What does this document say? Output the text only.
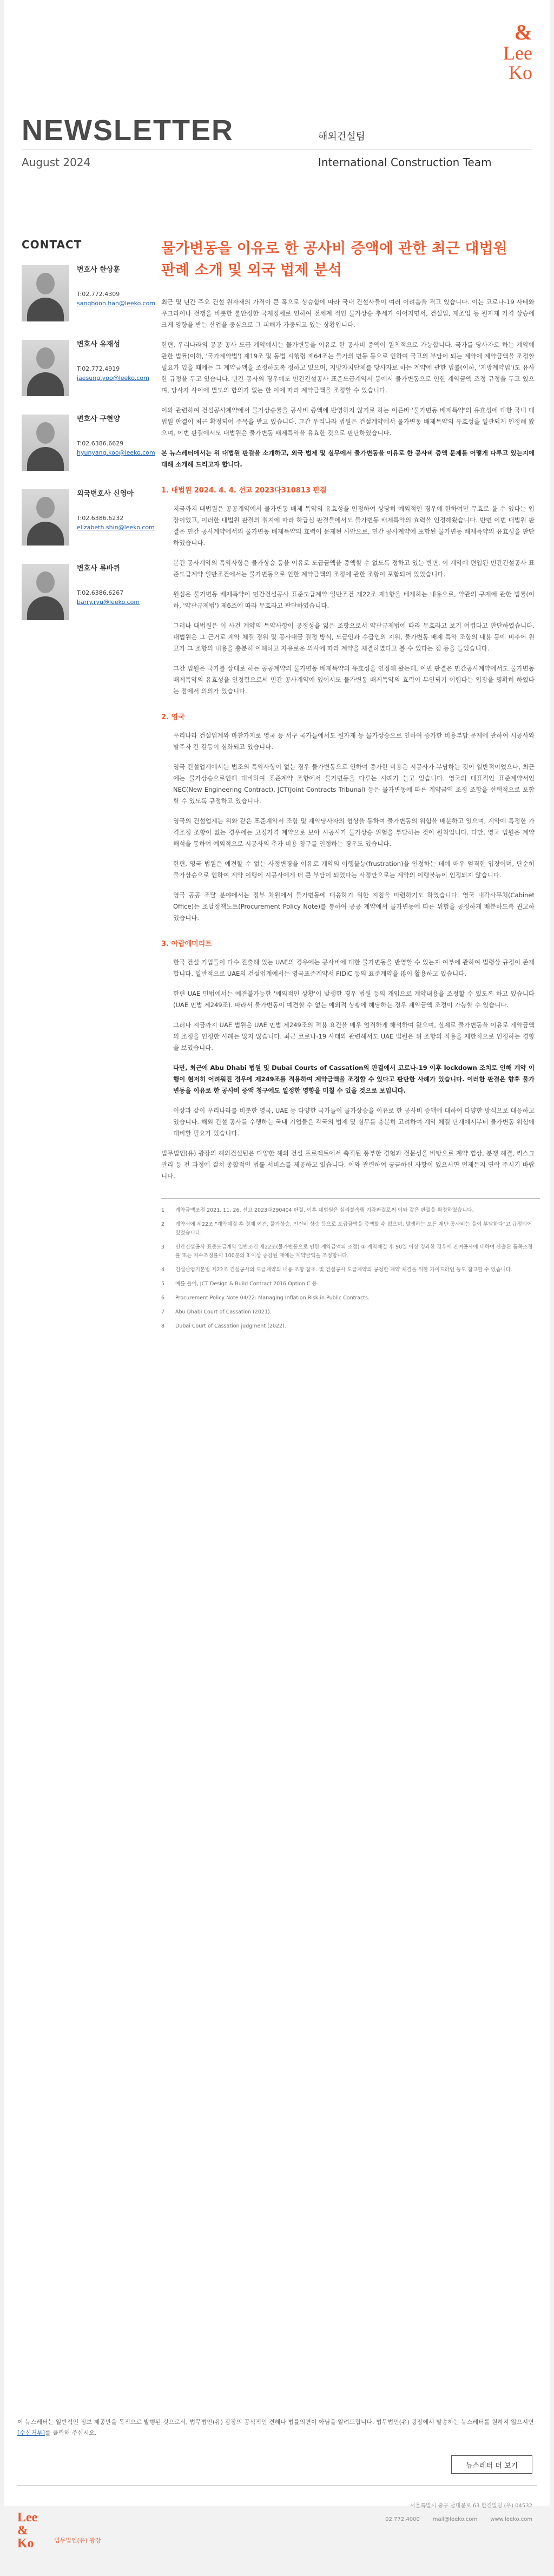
&
Lee
Ko
NEWSLETTER	해외건설팀
August 2024	International Construction Team
CONTACT
변호사 한상훈
T:02.772.4309
sanghoon.han@leeko.com
변호사 유재성
T:02.772.4919
jaesung.yoo@leeko.com
변호사 구현양
T:02.6386.6629
hyunyang.koo@leeko.com
외국변호사 신영아
T:02.6386.6232
elizabeth.shin@leeko.com
변호사 류바퀴
T:02.6386.6267
barry.ryu@leeko.com
물가변동을 이유로 한 공사비 증액에 관한 최근 대법원
판례 소개 및 외국 법제 분석

최근 몇 년간 주요 건설 원자재의 가격이 큰 폭으로 상승함에 따라 국내 건설사들이 여러 어려움을 겪고 있습니다. 이는 코로나-19 사태와 우크라이나 전쟁을 비롯한 불안정한 국제정세로 인하여 전세계 적인 물가상승 추세가 이어지면서, 건설업, 제조업 등 원자재 가격 상승에 크게 영향을 받는 산업을 중심으로 그 피해가 가중되고 있는 상황입니다.

한편, 우리나라의 공공 공사 도급 계약에서는 물가변동을 이유로 한 공사비 증액이 원칙적으로 가능합니다. 국가를 당사자로 하는 계약에 관한 법률(이하, '국가계약법') 제19조 및 동법 시행령 제64조는 물가의 변동 등으로 인하여 국고의 부담이 되는 계약에 계약금액을 조정할 필요가 있을 때에는 그 계약금액을 조정하도록 정하고 있으며, 지방자치단체를 당사자로 하는 계약에 관한 법률(이하, '지방계약법')도 유사한 규정을 두고 있습니다. 민간 공사의 경우에도 민간건설공사 표준도급계약서 등에서 물가변동으로 인한 계약금액 조정 규정을 두고 있으며, 당사자 사이에 별도의 합의가 없는 한 이에 따라 계약금액을 조정할 수 있습니다.

이와 관련하여 건설공사계약에서 물가상승률을 공사비 증액에 반영하지 않기로 하는 이른바 '물가변동 배제특약'의 유효성에 대한 국내 대법원 판결이 최근 확정되어 주목을 받고 있습니다. 그간 우리나라 법원은 건설계약에서 물가변동 배제특약의 유효성을 일관되게 인정해 왔으며, 이번 판결에서도 대법원은 물가변동 배제특약을 유효한 것으로 판단하였습니다.

본 뉴스레터에서는 위 대법원 판결을 소개하고, 외국 법제 및 실무에서 물가변동을 이유로 한 공사비 증액 문제를 어떻게 다루고 있는지에 대해 소개해 드리고자 합니다.

1. 대법원 2024. 4. 4. 선고 2023다310813 판결

지금까지 대법원은 공공계약에서 물가변동 배제 특약의 유효성을 인정하여 상당히 예외적인 경우에 한하여만 무효로 볼 수 있다는 입장이었고, 이러한 대법원 판결의 취지에 따라 하급심 판결들에서도 물가변동 배제특약의 효력을 인정해왔습니다. 반면 이번 대법원 판결은 민간 공사계약에서의 물가변동 배제특약의 효력이 문제된 사안으로, 민간 공사계약에 포함된 물가변동 배제특약의 유효성을 판단하였습니다.

본건 공사계약의 특약사항은 물가상승 등을 이유로 도급금액을 증액할 수 없도록 정하고 있는 반면, 이 계약에 편입된 민간건설공사 표준도급계약 일반조건에서는 물가변동으로 인한 계약금액의 조정에 관한 조항이 포함되어 있었습니다.

원심은 물가변동 배제특약이 민간건설공사 표준도급계약 일반조건 제22조 제1항을 배제하는 내용으로, 약관의 규제에 관한 법률(이하, '약관규제법') 제6조에 따라 무효라고 판단하였습니다.

그러나 대법원은 이 사건 계약의 특약사항이 공정성을 잃은 조항으로서 약관규제법에 따라 무효라고 보기 어렵다고 판단하였습니다. 대법원은 그 근거로 계약 체결 경위 및 공사대금 결정 방식, 도급인과 수급인의 지위, 물가변동 배제 특약 조항의 내용 등에 비추어 원고가 그 조항의 내용을 충분히 이해하고 자유로운 의사에 따라 계약을 체결하였다고 볼 수 있다는 점 등을 들었습니다.

그간 법원은 국가를 상대로 하는 공공계약의 물가변동 배제특약의 유효성을 인정해 왔는데, 이번 판결은 민간공사계약에서도 물가변동 배제특약의 유효성을 인정함으로써 민간 공사계약에 있어서도 물가변동 배제특약의 효력이 부인되기 어렵다는 입장을 명확히 하였다는 점에서 의의가 있습니다.

2. 영국

우리나라 건설업계와 마찬가지로 영국 등 서구 국가들에서도 원자재 등 물가상승으로 인하여 증가한 비용부담 문제에 관하여 시공사와 발주자 간 갈등이 심화되고 있습니다.

영국 건설업계에서는 법조의 특약사항이 없는 경우 물가변동으로 인하여 증가한 비용은 시공사가 부담하는 것이 일반적이었으나, 최근에는 물가상승으로인해 대비하여 표준계약 조항에서 물가변동을 다루는 사례가 늘고 있습니다. 영국의 대표적인 표준계약서인 NEC(New Engineering Contract), JCT(Joint Contracts Tribunal) 등은 물가변동에 따른 계약금액 조정 조항을 선택적으로 포함할 수 있도록 규정하고 있습니다.

영국의 건설업계는 위와 같은 표준계약서 조항 및 계약당사자의 협상을 통하여 물가변동의 위험을 배분하고 있으며, 계약에 특정한 가격조정 조항이 없는 경우에는 고정가격 계약으로 보아 시공사가 물가상승 위험을 부담하는 것이 원칙입니다. 다만, 영국 법원은 계약 해석을 통하여 예외적으로 시공사의 추가 비용 청구를 인정하는 경우도 있습니다.

한편, 영국 법원은 예견할 수 없는 사정변경을 이유로 계약의 이행불능(frustration)을 인정하는 데에 매우 엄격한 입장이며, 단순히 물가상승으로 인하여 계약 이행이 시공사에게 더 큰 부담이 되었다는 사정만으로는 계약의 이행불능이 인정되지 않습니다.

영국 공공 조달 분야에서는 정부 차원에서 물가변동에 대응하기 위한 지침을 마련하기도 하였습니다. 영국 내각사무처(Cabinet Office)는 조달정책노트(Procurement Policy Note)를 통하여 공공 계약에서 물가변동에 따른 위험을 공정하게 배분하도록 권고하였습니다.

3. 아랍에미리트

한국 건설 기업들이 다수 진출해 있는 UAE의 경우에는 공사비에 대한 물가변동을 반영할 수 있는지 여부에 관하여 법령상 규정이 존재합니다. 일반적으로 UAE의 건설업계에서는 영국표준계약서 FIDIC 등의 표준계약을 많이 활용하고 있습니다.

한편 UAE 민법에서는 예견불가능한 '예외적인 상황'이 발생한 경우 법원 등의 개입으로 계약내용을 조정할 수 있도록 하고 있습니다(UAE 민법 제249조). 따라서 물가변동이 예견할 수 없는 예외적 상황에 해당하는 경우 계약금액 조정이 가능할 수 있습니다.

그러나 지금까지 UAE 법원은 UAE 민법 제249조의 적용 요건을 매우 엄격하게 해석하여 왔으며, 실제로 물가변동을 이유로 계약금액의 조정을 인정한 사례는 많지 않습니다. 최근 코로나-19 사태와 관련해서도 UAE 법원은 위 조항의 적용을 제한적으로 인정하는 경향을 보였습니다.

다만, 최근에 Abu Dhabi 법원 및 Dubai Courts of Cassation의 판결에서 코로나-19 이후 lockdown 조치로 인해 계약 이행이 현저히 어려워진 경우에 제249조를 적용하여 계약금액을 조정할 수 있다고 판단한 사례가 있습니다. 이러한 판결은 향후 물가변동을 이유로 한 공사비 증액 청구에도 일정한 영향을 미칠 수 있을 것으로 보입니다.

이상과 같이 우리나라를 비롯한 영국, UAE 등 다양한 국가들이 물가상승을 이유로 한 공사비 증액에 대하여 다양한 방식으로 대응하고 있습니다. 해외 건설 공사를 수행하는 국내 기업들은 각국의 법제 및 실무를 충분히 고려하여 계약 체결 단계에서부터 물가변동 위험에 대비할 필요가 있습니다.

법무법인(유) 광장의 해외건설팀은 다양한 해외 건설 프로젝트에서 축적된 풍부한 경험과 전문성을 바탕으로 계약 협상, 분쟁 해결, 리스크 관리 등 전 과정에 걸쳐 종합적인 법률 서비스를 제공하고 있습니다. 이와 관련하여 궁금하신 사항이 있으시면 언제든지 연락 주시기 바랍니다.

1	계약금액조정 2021. 11. 26. 선고 2023다290404 판결, 이후 대법원은 심리불속행 기각판결로써 이와 같은 판결을 확정하였습니다.
2	계약서에 제22조 "계약체결 후 경제 여건, 물가상승, 인건비 상승 등으로 도급금액을 증액할 수 없으며, 발생하는 모든 제반 공사비는 을이 부담한다"고 규정되어 있었습니다.
3	민간건설공사 표준도급계약 일반조건 제22조(물가변동으로 인한 계약금액의 조정) ① 계약체결 후 90일 이상 경과한 경우에 잔여공사에 대하여 산출된 품목조정률 또는 지수조정률이 100분의 3 이상 증감된 때에는 계약금액을 조정합니다.
4	건설산업기본법 제22조 건설공사의 도급계약의 내용 조항 참조. 및 건설공사 도급계약의 공정한 계약 체결을 위한 가이드라인 등도 참고할 수 있습니다.
5	예를 들어, JCT Design & Build Contract 2016 Option C 등.
6	Procurement Policy Note 04/22: Managing Inflation Risk in Public Contracts.
7	Abu Dhabi Court of Cassation (2021).
8	Dubai Court of Cassation judgment (2022).
이 뉴스레터는 일반적인 정보 제공만을 목적으로 발행된 것으로서, 법무법인(유) 광장의 공식적인 견해나 법률의견이 아님을 알려드립니다. 법무법인(유) 광장에서 발송하는 뉴스레터를 원하지 않으시면 [수신거부]를 클릭해 주십시오.
뉴스레터 더 보기
Lee
&
Ko	법무법인(유) 광장
서울특별시 중구 남대문로 63 한진빌딩 (우) 04532
02.772.4000 mail@leeko.com www.leeko.com
